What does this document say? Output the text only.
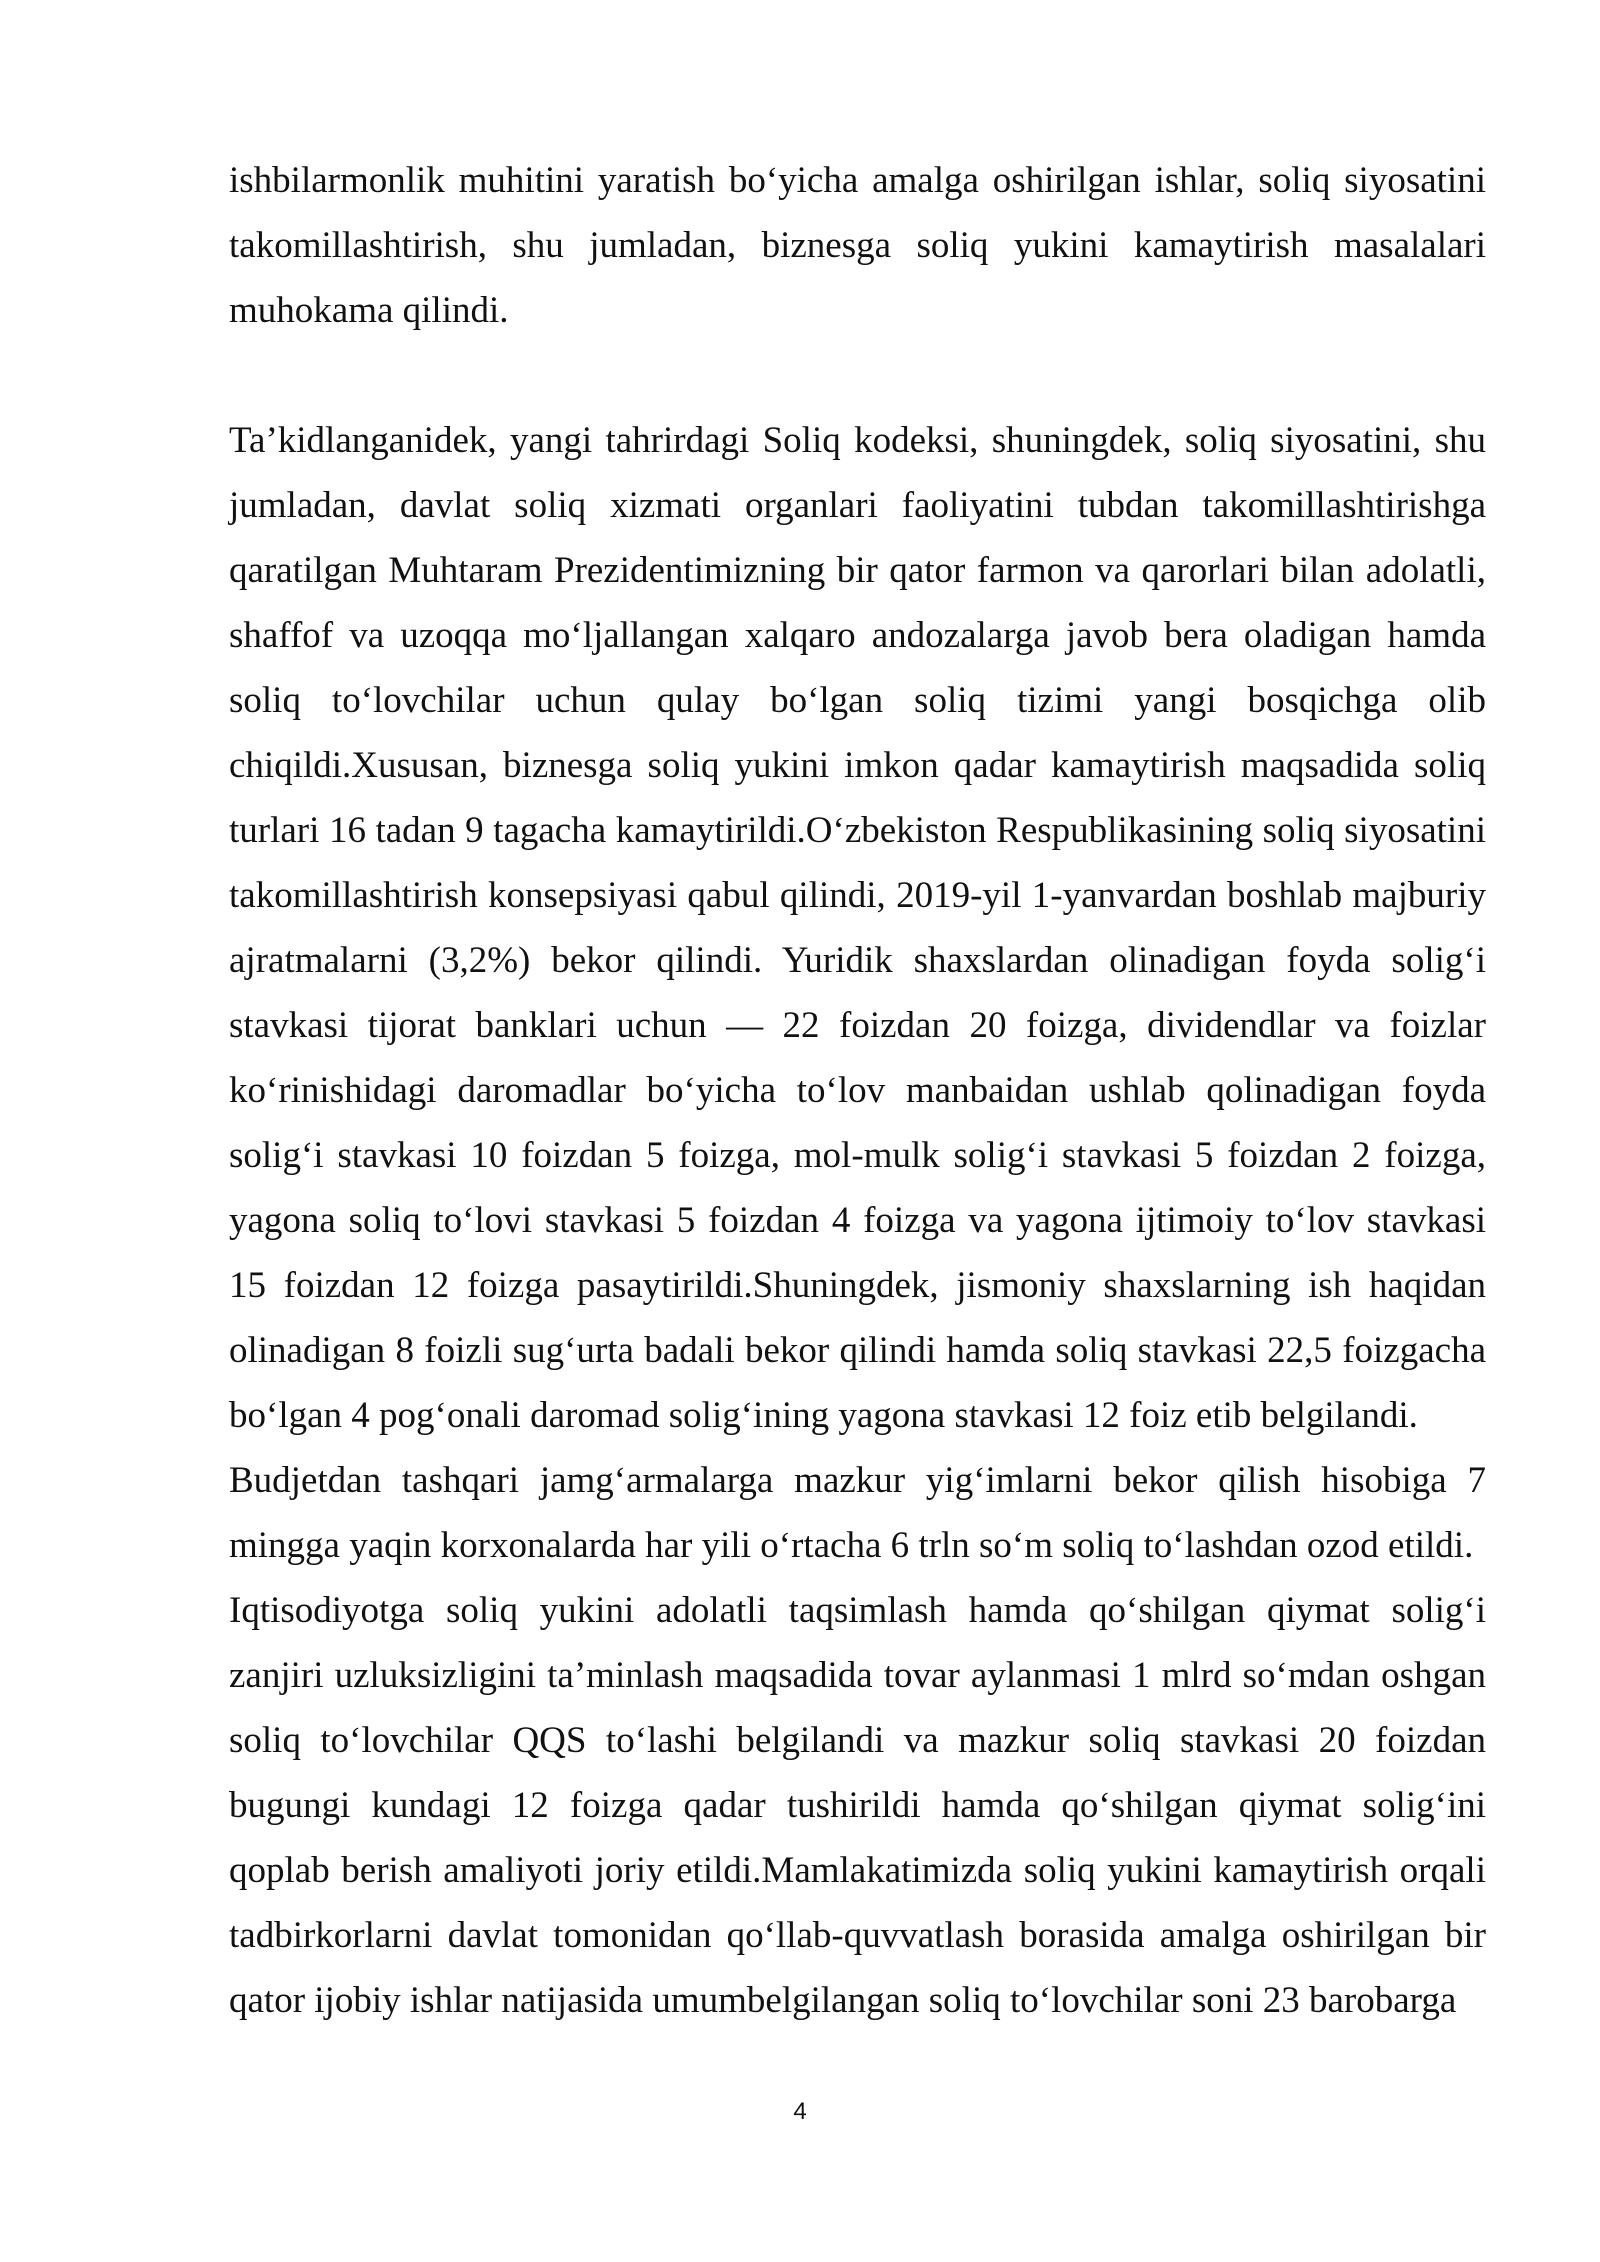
ishbilarmonlik muhitini yaratish bo‘yicha amalga oshirilgan ishlar, soliq siyosatini takomillashtirish, shu jumladan, biznesga soliq yukini kamaytirish masalalari muhokama qilindi.

Ta’kidlanganidek, yangi tahrirdagi Soliq kodeksi, shuningdek, soliq siyosatini, shu jumladan, davlat soliq xizmati organlari faoliyatini tubdan takomillashtirishga qaratilgan Muhtaram Prezidentimizning bir qator farmon va qarorlari bilan adolatli, shaffof va uzoqqa mo‘ljallangan xalqaro andozalarga javob bera oladigan hamda soliq to‘lovchilar uchun qulay bo‘lgan soliq tizimi yangi bosqichga olib chiqildi.Xususan, biznesga soliq yukini imkon qadar kamaytirish maqsadida soliq turlari 16 tadan 9 tagacha kamaytirildi.O‘zbekiston Respublikasining soliq siyosatini takomillashtirish konsepsiyasi qabul qilindi, 2019-yil 1-yanvardan boshlab majburiy ajratmalarni (3,2%) bekor qilindi. Yuridik shaxslardan olinadigan foyda solig‘i stavkasi tijorat banklari uchun — 22 foizdan 20 foizga, dividendlar va foizlar ko‘rinishidagi daromadlar bo‘yicha to‘lov manbaidan ushlab qolinadigan foyda solig‘i stavkasi 10 foizdan 5 foizga, mol-mulk solig‘i stavkasi 5 foizdan 2 foizga, yagona soliq to‘lovi stavkasi 5 foizdan 4 foizga va yagona ijtimoiy to‘lov stavkasi 15 foizdan 12 foizga pasaytirildi.Shuningdek, jismoniy shaxslarning ish haqidan olinadigan 8 foizli sug‘urta badali bekor qilindi hamda soliq stavkasi 22,5 foizgacha bo‘lgan 4 pog‘onali daromad solig‘ining yagona stavkasi 12 foiz etib belgilandi.

Budjetdan tashqari jamg‘armalarga mazkur yig‘imlarni bekor qilish hisobiga 7 mingga yaqin korxonalarda har yili o‘rtacha 6 trln so‘m soliq to‘lashdan ozod etildi.

Iqtisodiyotga soliq yukini adolatli taqsimlash hamda qo‘shilgan qiymat solig‘i zanjiri uzluksizligini ta’minlash maqsadida tovar aylanmasi 1 mlrd so‘mdan oshgan soliq to‘lovchilar QQS to‘lashi belgilandi va mazkur soliq stavkasi 20 foizdan bugungi kundagi 12 foizga qadar tushirildi hamda qo‘shilgan qiymat solig‘ini qoplab berish amaliyoti joriy etildi.Mamlakatimizda soliq yukini kamaytirish orqali tadbirkorlarni davlat tomonidan qo‘llab-quvvatlash borasida amalga oshirilgan bir qator ijobiy ishlar natijasida umumbelgilangan soliq to‘lovchilar soni 23 barobarga

4
